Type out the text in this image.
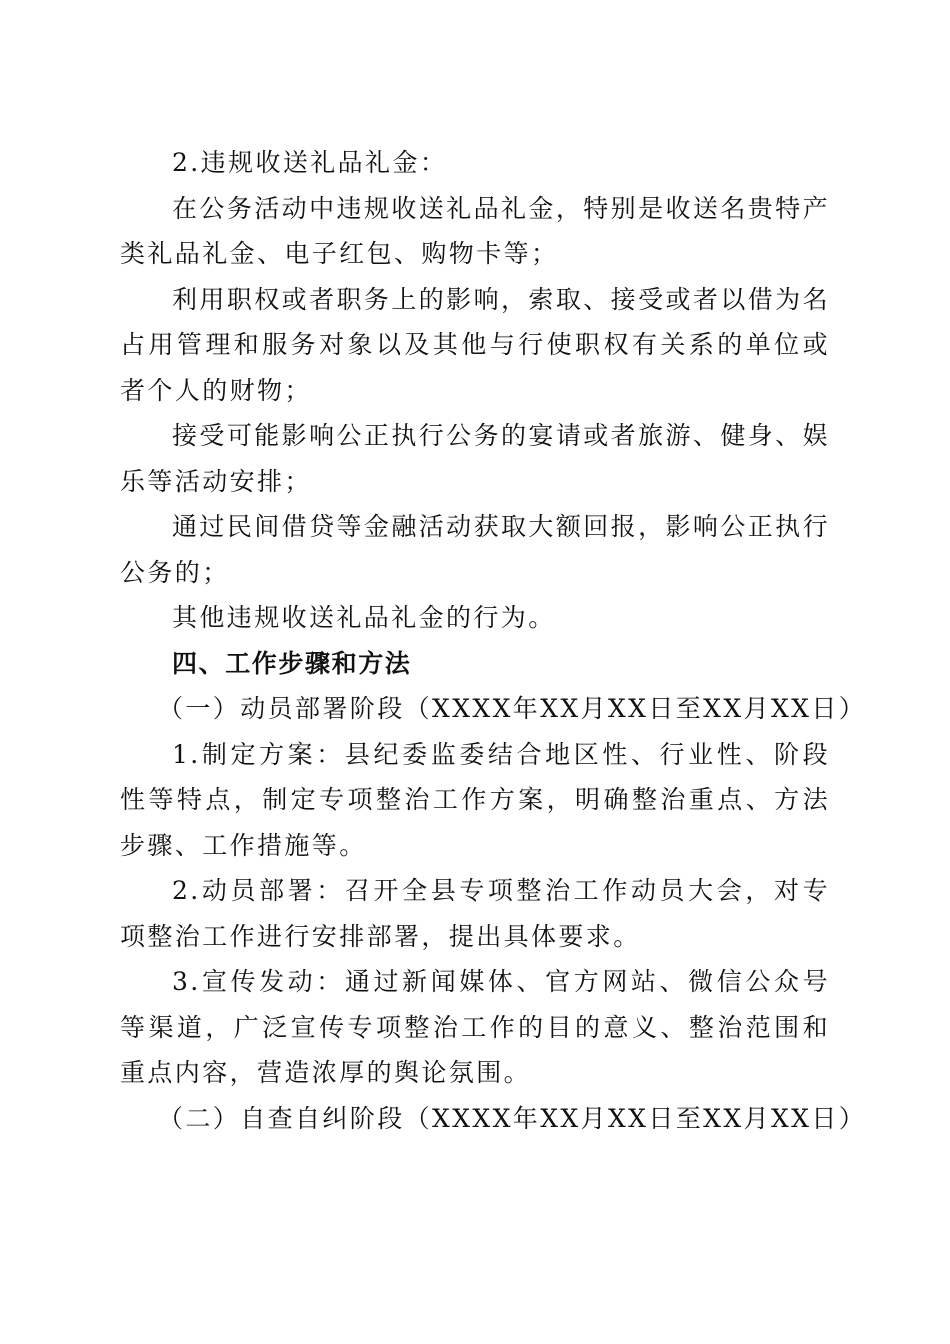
2.违规收送礼品礼金：

在公务活动中违规收送礼品礼金，特别是收送名贵特产类礼品礼金、电子红包、购物卡等；

利用职权或者职务上的影响，索取、接受或者以借为名占用管理和服务对象以及其他与行使职权有关系的单位或者个人的财物；

接受可能影响公正执行公务的宴请或者旅游、健身、娱乐等活动安排；

通过民间借贷等金融活动获取大额回报，影响公正执行公务的；

其他违规收送礼品礼金的行为。

四、工作步骤和方法

（一）动员部署阶段（XXXX年XX月XX日至XX月XX日）

1.制定方案：县纪委监委结合地区性、行业性、阶段性等特点，制定专项整治工作方案，明确整治重点、方法步骤、工作措施等。

2.动员部署：召开全县专项整治工作动员大会，对专项整治工作进行安排部署，提出具体要求。

3.宣传发动：通过新闻媒体、官方网站、微信公众号等渠道，广泛宣传专项整治工作的目的意义、整治范围和重点内容，营造浓厚的舆论氛围。

（二）自查自纠阶段（XXXX年XX月XX日至XX月XX日）
